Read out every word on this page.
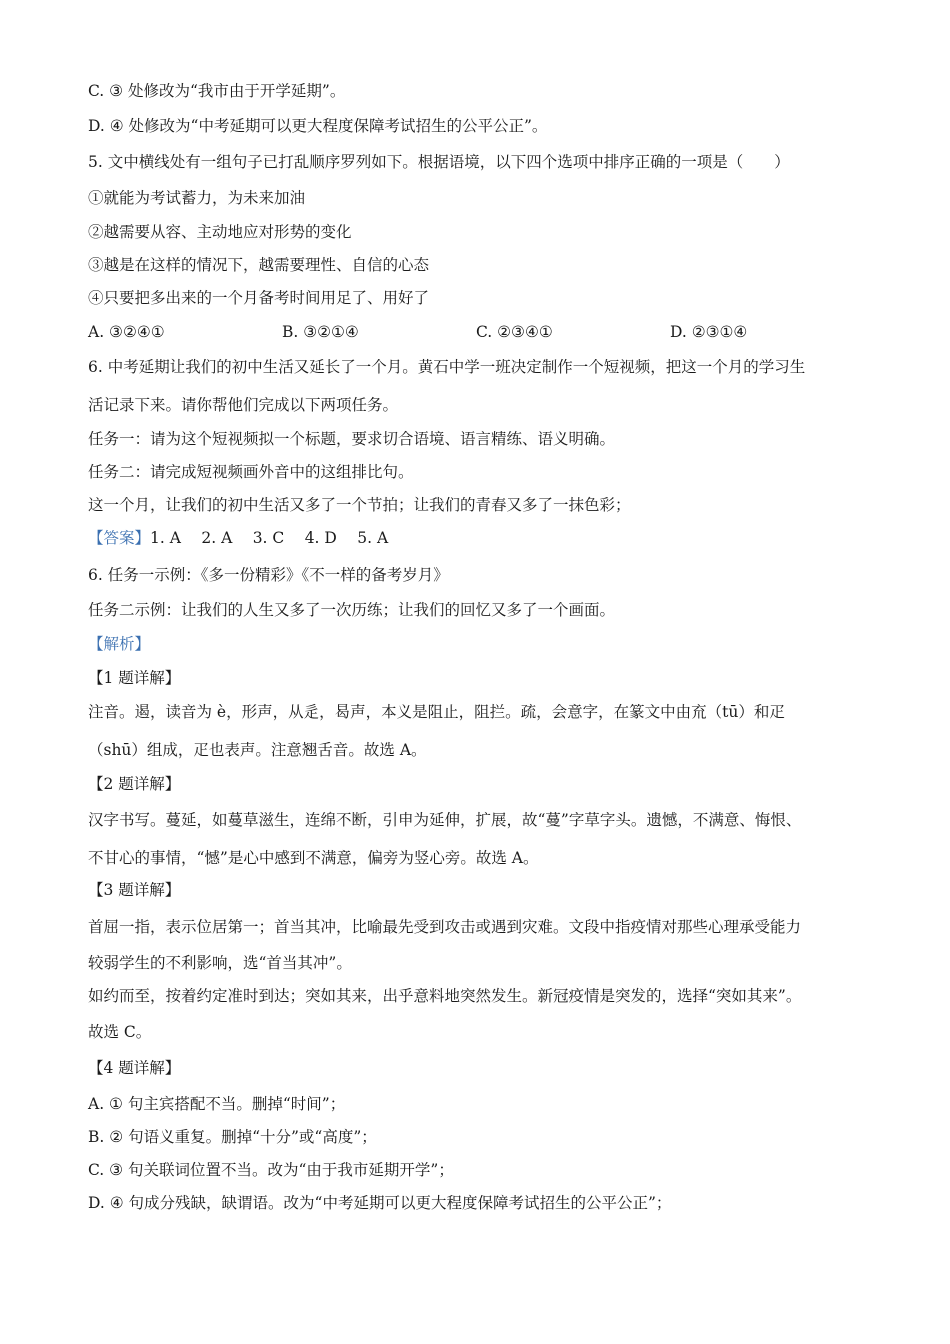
C. ③ 处修改为“我市由于开学延期”。
D. ④ 处修改为“中考延期可以更大程度保障考试招生的公平公正”。
5. 文中横线处有一组句子已打乱顺序罗列如下。根据语境，以下四个选项中排序正确的一项是（　　）
①就能为考试蓄力，为未来加油
②越需要从容、主动地应对形势的变化
③越是在这样的情况下，越需要理性、自信的心态
④只要把多出来的一个月备考时间用足了、用好了
A. ③②④①	B. ③②①④	C. ②③④①	D. ②③①④
6. 中考延期让我们的初中生活又延长了一个月。黄石中学一班决定制作一个短视频，把这一个月的学习生
活记录下来。请你帮他们完成以下两项任务。
任务一：请为这个短视频拟一个标题，要求切合语境、语言精练、语义明确。
任务二：请完成短视频画外音中的这组排比句。
这一个月，让我们的初中生活又多了一个节拍；让我们的青春又多了一抹色彩；
【答案】1. A　 2. A　 3. C　 4. D　 5. A
6. 任务一示例：《多一份精彩》《不一样的备考岁月》
任务二示例：让我们的人生又多了一次历练；让我们的回忆又多了一个画面。
【解析】
【1 题详解】
注音。遏，读音为 è，形声，从辵，曷声，本义是阻止，阻拦。疏，会意字，在篆文中由㐬（tū）和疋
（shū）组成，疋也表声。注意翘舌音。故选 A。
【2 题详解】
汉字书写。蔓延，如蔓草滋生，连绵不断，引申为延伸，扩展，故“蔓”字草字头。遗憾，不满意、悔恨、
不甘心的事情，“憾”是心中感到不满意，偏旁为竖心旁。故选 A。
【3 题详解】
首屈一指，表示位居第一；首当其冲，比喻最先受到攻击或遇到灾难。文段中指疫情对那些心理承受能力
较弱学生的不利影响，选“首当其冲”。
如约而至，按着约定准时到达；突如其来，出乎意料地突然发生。新冠疫情是突发的，选择“突如其来”。
故选 C。
【4 题详解】
A. ① 句主宾搭配不当。删掉“时间”；
B. ② 句语义重复。删掉“十分”或“高度”；
C. ③ 句关联词位置不当。改为“由于我市延期开学”；
D. ④ 句成分残缺，缺谓语。改为“中考延期可以更大程度保障考试招生的公平公正”；
